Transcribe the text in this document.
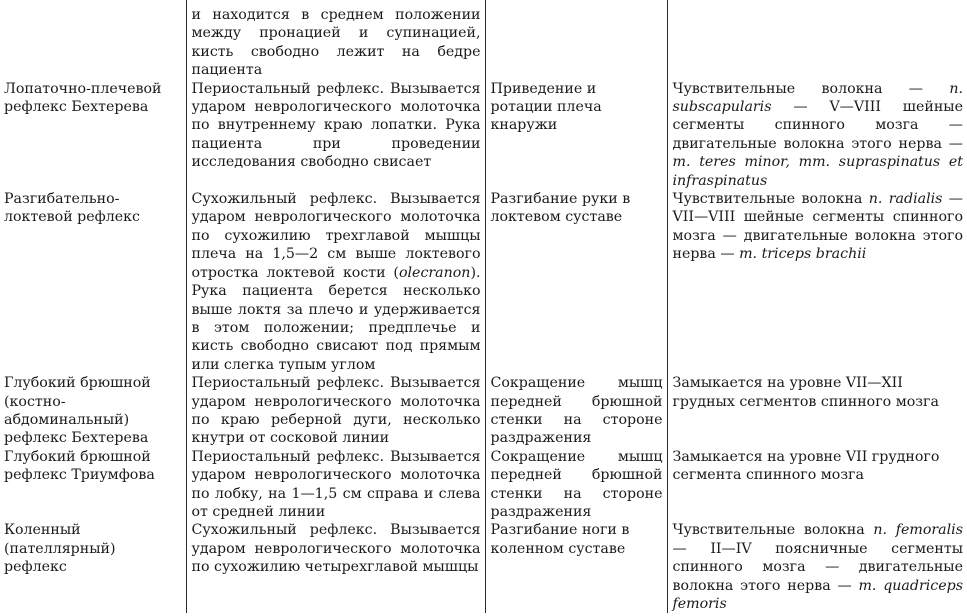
	и находится в среднем положении между пронацией и супинацией, кисть свободно лежит на бедре пациента		
Лопаточно-плечевой рефлекс Бехтерева	Периостальный рефлекс. Вызывается ударом неврологического молоточка по внутреннему краю лопатки. Рука пациента при проведении исследования свободно свисает	Приведение и ротации плеча кнаружи	Чувствительные волокна — n. subscapularis — V—VIII шейные сегменты спинного мозга — двигательные волокна этого нерва — m. teres minor, mm. supraspinatus et infraspinatus
Разгибательно-локтевой рефлекс	Сухожильный рефлекс. Вызывается ударом неврологического молоточка по сухожилию трехглавой мышцы плеча на 1,5—2 см выше локтевого отростка локтевой кости (olecranon). Рука пациента берется несколько выше локтя за плечо и удерживается в этом положении; предплечье и кисть свободно свисают под прямым или слегка тупым углом	Разгибание руки в локтевом суставе	Чувствительные волокна n. radialis — VII—VIII шейные сегменты спинного мозга — двигательные волокна этого нерва — m. triceps brachii
Глубокий брюшной (костно-абдоминальный) рефлекс Бехтерева	Периостальный рефлекс. Вызывается ударом неврологического молоточка по краю реберной дуги, несколько кнутри от сосковой линии	Сокращение мышц передней брюшной стенки на стороне раздражения	Замыкается на уровне VII—XII грудных сегментов спинного мозга
Глубокий брюшной рефлекс Триумфова	Периостальный рефлекс. Вызывается ударом неврологического молоточка по лобку, на 1—1,5 см справа и слева от средней линии	Сокращение мышц передней брюшной стенки на стороне раздражения	Замыкается на уровне VII грудного сегмента спинного мозга
Коленный (пателлярный) рефлекс	Сухожильный рефлекс. Вызывается ударом неврологического молоточка по сухожилию четырехглавой мышцы	Разгибание ноги в коленном суставе	Чувствительные волокна n. femoralis — II—IV поясничные сегменты спинного мозга — двигательные волокна этого нерва — m. quadriceps femoris
